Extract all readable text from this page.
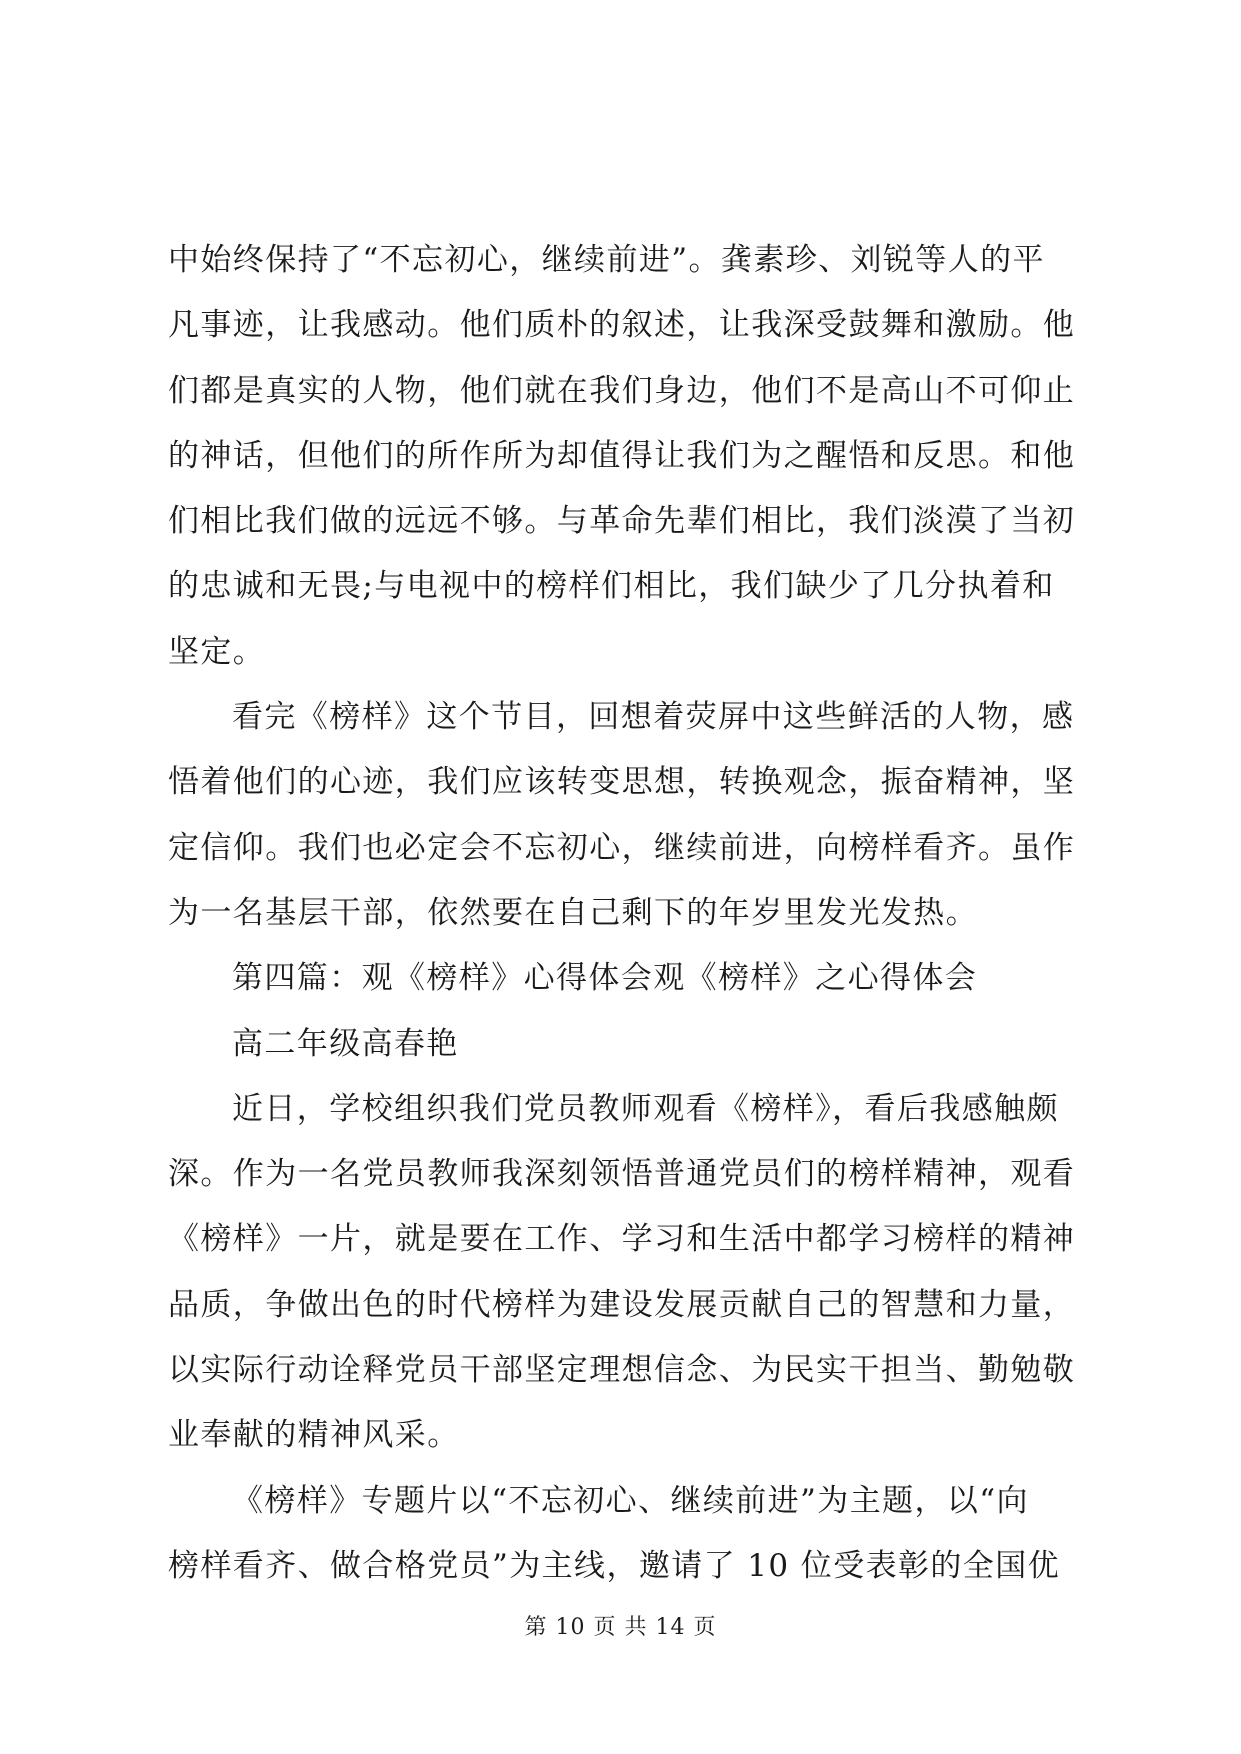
中始终保持了“不忘初心，继续前进”。龚素珍、刘锐等人的平
凡事迹，让我感动。他们质朴的叙述，让我深受鼓舞和激励。他
们都是真实的人物，他们就在我们身边，他们不是高山不可仰止
的神话，但他们的所作所为却值得让我们为之醒悟和反思。和他
们相比我们做的远远不够。与革命先辈们相比，我们淡漠了当初
的忠诚和无畏;与电视中的榜样们相比，我们缺少了几分执着和
坚定。
看完《榜样》这个节目，回想着荧屏中这些鲜活的人物，感
悟着他们的心迹，我们应该转变思想，转换观念，振奋精神，坚
定信仰。我们也必定会不忘初心，继续前进，向榜样看齐。虽作
为一名基层干部，依然要在自己剩下的年岁里发光发热。
第四篇：观《榜样》心得体会观《榜样》之心得体会
高二年级高春艳
近日，学校组织我们党员教师观看《榜样》，看后我感触颇
深。作为一名党员教师我深刻领悟普通党员们的榜样精神，观看
《榜样》一片，就是要在工作、学习和生活中都学习榜样的精神
品质，争做出色的时代榜样为建设发展贡献自己的智慧和力量，
以实际行动诠释党员干部坚定理想信念、为民实干担当、勤勉敬
业奉献的精神风采。
《榜样》专题片以“不忘初心、继续前进”为主题，以“向
榜样看齐、做合格党员”为主线，邀请了 10 位受表彰的全国优
第 10 页 共 14 页
